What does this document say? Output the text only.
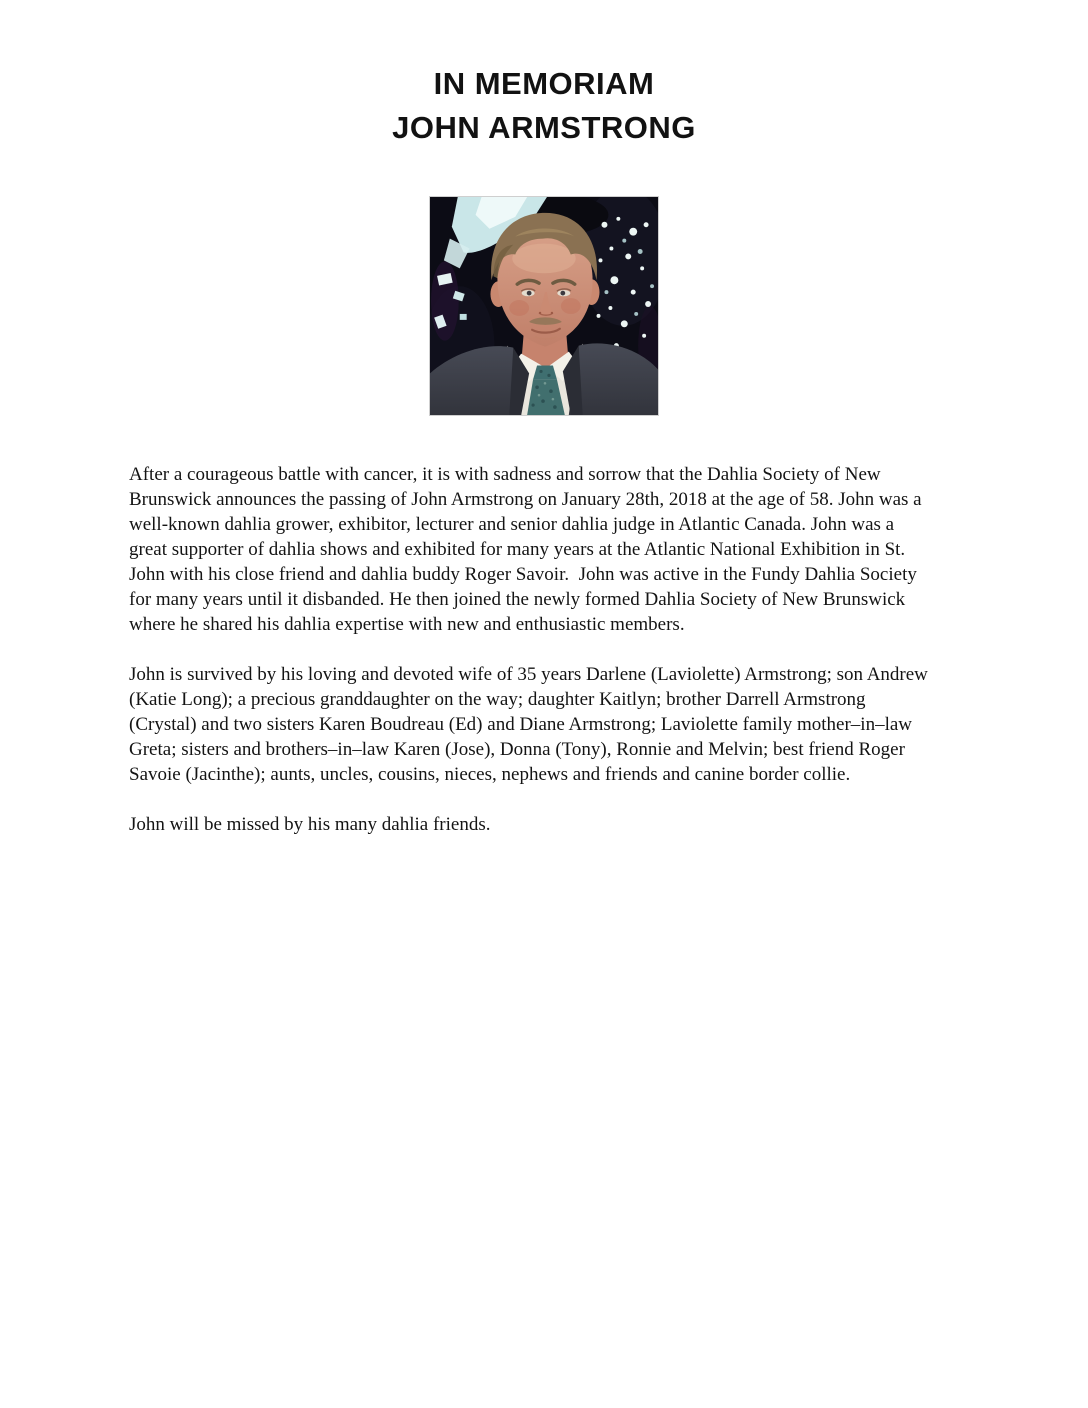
IN MEMORIAM
JOHN ARMSTRONG
After a courageous battle with cancer, it is with sadness and sorrow that the Dahlia Society of New
Brunswick announces the passing of John Armstrong on January 28th, 2018 at the age of 58. John was a
well-known dahlia grower, exhibitor, lecturer and senior dahlia judge in Atlantic Canada. John was a
great supporter of dahlia shows and exhibited for many years at the Atlantic National Exhibition in St.
John with his close friend and dahlia buddy Roger Savoir.  John was active in the Fundy Dahlia Society
for many years until it disbanded. He then joined the newly formed Dahlia Society of New Brunswick
where he shared his dahlia expertise with new and enthusiastic members.
John is survived by his loving and devoted wife of 35 years Darlene (Laviolette) Armstrong; son Andrew
(Katie Long); a precious granddaughter on the way; daughter Kaitlyn; brother Darrell Armstrong
(Crystal) and two sisters Karen Boudreau (Ed) and Diane Armstrong; Laviolette family mother–in–law
Greta; sisters and brothers–in–law Karen (Jose), Donna (Tony), Ronnie and Melvin; best friend Roger
Savoie (Jacinthe); aunts, uncles, cousins, nieces, nephews and friends and canine border collie.
John will be missed by his many dahlia friends.
